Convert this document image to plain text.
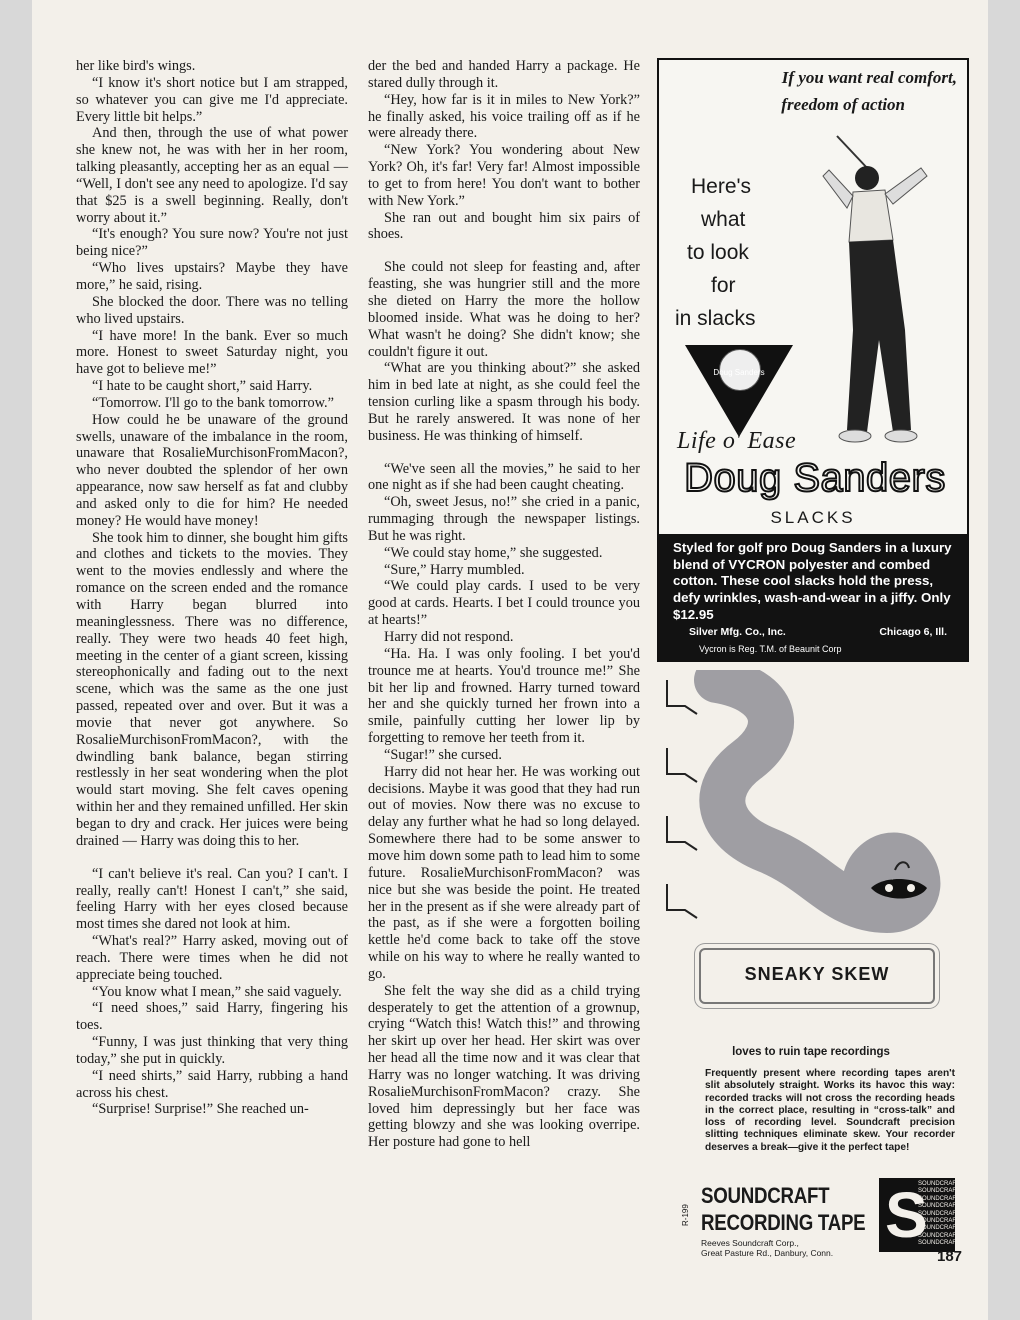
her like bird's wings.

“I know it's short notice but I am strapped, so whatever you can give me I'd appreciate. Every little bit helps.”

And then, through the use of what power she knew not, he was with her in her room, talking pleasantly, accepting her as an equal — “Well, I don't see any need to apologize. I'd say that $25 is a swell beginning. Really, don't worry about it.”

“It's enough? You sure now? You're not just being nice?”

“Who lives upstairs? Maybe they have more,” he said, rising.

She blocked the door. There was no telling who lived upstairs.

“I have more! In the bank. Ever so much more. Honest to sweet Saturday night, you have got to believe me!”

“I hate to be caught short,” said Harry.

“Tomorrow. I'll go to the bank tomorrow.”

How could he be unaware of the ground swells, unaware of the imbalance in the room, unaware that RosalieMurchisonFromMacon?, who never doubted the splendor of her own appearance, now saw herself as fat and clubby and asked only to die for him? He needed money? He would have money!

She took him to dinner, she bought him gifts and clothes and tickets to the movies. They went to the movies endlessly and where the romance on the screen ended and the romance with Harry began blurred into meaninglessness. There was no difference, really. They were two heads 40 feet high, meeting in the center of a giant screen, kissing stereophonically and fading out to the next scene, which was the same as the one just passed, repeated over and over. But it was a movie that never got anywhere. So RosalieMurchisonFromMacon?, with the dwindling bank balance, began stirring restlessly in her seat wondering when the plot would start moving. She felt caves opening within her and they remained unfilled. Her skin began to dry and crack. Her juices were being drained — Harry was doing this to her.

“I can't believe it's real. Can you? I can't. I really, really can't! Honest I can't,” she said, feeling Harry with her eyes closed because most times she dared not look at him.

“What's real?” Harry asked, moving out of reach. There were times when he did not appreciate being touched.

“You know what I mean,” she said vaguely.

“I need shoes,” said Harry, fingering his toes.

“Funny, I was just thinking that very thing today,” she put in quickly.

“I need shirts,” said Harry, rubbing a hand across his chest.

“Surprise! Surprise!” She reached un-

der the bed and handed Harry a package. He stared dully through it.

“Hey, how far is it in miles to New York?” he finally asked, his voice trailing off as if he were already there.

“New York? You wondering about New York? Oh, it's far! Very far! Almost impossible to get to from here! You don't want to bother with New York.”

She ran out and bought him six pairs of shoes.

She could not sleep for feasting and, after feasting, she was hungrier still and the more she dieted on Harry the more the hollow bloomed inside. What was he doing to her? What wasn't he doing? She didn't know; she couldn't figure it out.

“What are you thinking about?” she asked him in bed late at night, as she could feel the tension curling like a spasm through his body. But he rarely answered. It was none of her business. He was thinking of himself.

“We've seen all the movies,” he said to her one night as if she had been caught cheating.

“Oh, sweet Jesus, no!” she cried in a panic, rummaging through the newspaper listings. But he was right.

“We could stay home,” she suggested.

“Sure,” Harry mumbled.

“We could play cards. I used to be very good at cards. Hearts. I bet I could trounce you at hearts!”

Harry did not respond.

“Ha. Ha. I was only fooling. I bet you'd trounce me at hearts. You'd trounce me!” She bit her lip and frowned. Harry turned toward her and she quickly turned her frown into a smile, painfully cutting her lower lip by forgetting to remove her teeth from it.

“Sugar!” she cursed.

Harry did not hear her. He was working out decisions. Maybe it was good that they had run out of movies. Now there was no excuse to delay any further what he had so long delayed. Somewhere there had to be some answer to move him down some path to lead him to some future. RosalieMurchisonFromMacon? was nice but she was beside the point. He treated her in the present as if she were already part of the past, as if she were a forgotten boiling kettle he'd come back to take off the stove while on his way to where he really wanted to go.

She felt the way she did as a child trying desperately to get the attention of a grownup, crying “Watch this! Watch this!” and throwing her skirt up over her head. Her skirt was over her head all the time now and it was clear that Harry was no longer watching. It was driving RosalieMurchisonFromMacon? crazy. She loved him depressingly but her face was getting blowzy and she was looking overripe. Her posture had gone to hell

If you want real comfort,
freedom of action
Here's
what
to look
for
in slacks
Doug Sanders
Life o' Ease
Doug Sanders
SLACKS
Styled for golf pro Doug Sanders in a luxury blend of VYCRON polyester and combed cotton. These cool slacks hold the press, defy wrinkles, wash-and-wear in a jiffy. Only $12.95
Silver Mfg. Co., Inc.	Chicago 6, Ill.
Vycron is Reg. T.M. of Beaunit Corp
SNEAKY SKEW
loves to ruin tape recordings
Frequently present where recording tapes aren't slit absolutely straight. Works its havoc this way: recorded tracks will not cross the recording heads in the correct place, resulting in “cross-talk” and loss of recording level. Soundcraft precision slitting techniques eliminate skew. Your recorder deserves a break—give it the perfect tape!
SOUNDCRAFT
RECORDING TAPE
Reeves Soundcraft Corp.,
Great Pasture Rd., Danbury, Conn.
S
SOUNDCRAFT
SOUNDCRAFT
SOUNDCRAFT
SOUNDCRAFT
SOUNDCRAFT
SOUNDCRAFT
SOUNDCRAFT
SOUNDCRAFT
SOUNDCRAFT
R-199
187
